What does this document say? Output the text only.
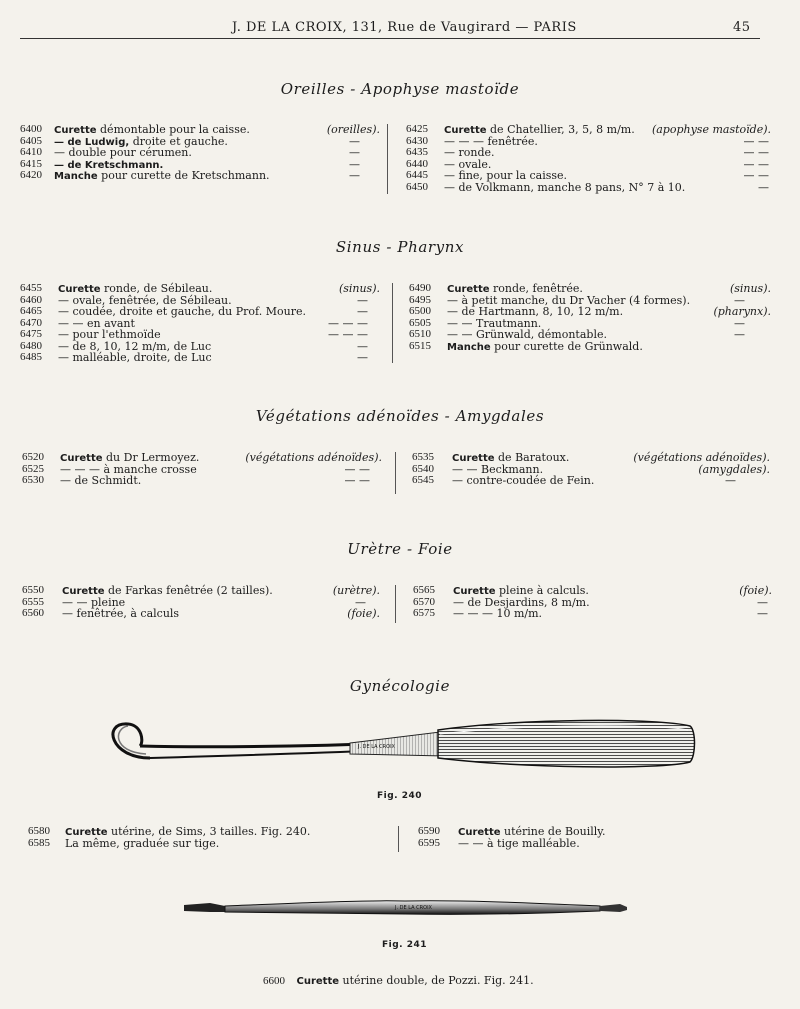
J. DE LA CROIX, 131, Rue de Vaugirard — PARIS	45
Oreilles - Apophyse mastoïde
6400 Curette démontable pour la caisse.	(oreilles).
6405 — de Ludwig, droite et gauche.	—
6410 — double pour cérumen.	—
6415 — de Kretschmann.	—
6420 Manche pour curette de Kretschmann.	—
6425 Curette de Chatellier, 3, 5, 8 m/m. (apophyse mastoïde).
6430 — — — fenêtrée.	— —
6435 — ronde.	— —
6440 — ovale.	— —
6445 — fine, pour la caisse.	— —
6450 — de Volkmann, manche 8 pans, N° 7 à 10.	—
Sinus - Pharynx
6455 Curette ronde, de Sébileau.	(sinus).
6460 — ovale, fenêtrée, de Sébileau.	—
6465 — coudée, droite et gauche, du Prof. Moure.	—
6470 — — en avant	— — —
6475 — pour l'ethmoïde	— — —
6480 — de 8, 10, 12 m/m, de Luc	—
6485 — malléable, droite, de Luc	—
6490 Curette ronde, fenêtrée.	(sinus).
6495 — à petit manche, du Dr Vacher (4 formes).	—
6500 — de Hartmann, 8, 10, 12 m/m.	(pharynx).
6505 — — Trautmann.	—
6510 — — Grünwald, démontable.	—
6515 Manche pour curette de Grünwald.
Végétations adénoïdes - Amygdales
6520 Curette du Dr Lermoyez.	(végétations adénoïdes).
6525 — — — à manche crosse	— —
6530 — de Schmidt.	— —
6535 Curette de Baratoux.	(végétations adénoïdes).
6540 — — Beckmann.	(amygdales).
6545 — contre-coudée de Fein.	—
Urètre - Foie
6550 Curette de Farkas fenêtrée (2 tailles).	(urètre).
6555 — — pleine	—
6560 — fenêtrée, à calculs	(foie).
6565 Curette pleine à calculs.	(foie).
6570 — de Desjardins, 8 m/m.	—
6575 — — — 10 m/m.	—
Gynécologie
J. DE LA CROIX
Fig. 240
6580 Curette utérine, de Sims, 3 tailles. Fig. 240.
6585 La même, graduée sur tige.
6590 Curette utérine de Bouilly.
6595 — — à tige malléable.
J. DE LA CROIX
Fig. 241
6600 Curette utérine double, de Pozzi. Fig. 241.
